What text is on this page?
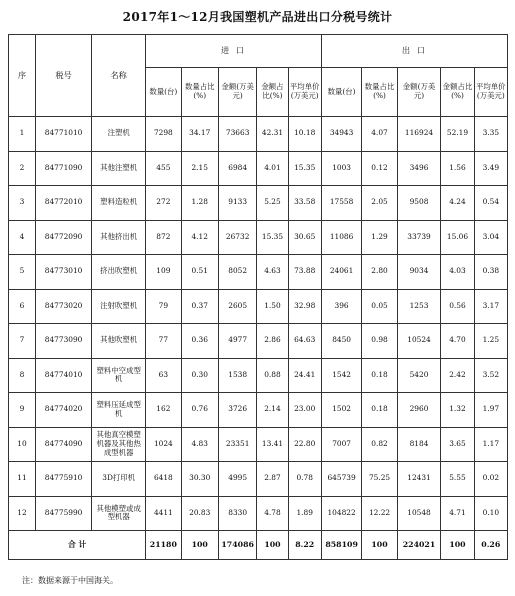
2017年1～12月我国塑机产品进出口分税号统计
序	税号	名称	进 口					出 口				
			数量(台)	数量占比(%)	金额(万美元)	金额占比(%)	平均单价(万美元)	数量(台)	数量占比(%)	金额(万美元)	金额占比(%)	平均单价(万美元)
1	84771010	注塑机	7298	34.17	73663	42.31	10.18	34943	4.07	116924	52.19	3.35
2	84771090	其他注塑机	455	2.15	6984	4.01	15.35	1003	0.12	3496	1.56	3.49
3	84772010	塑料造粒机	272	1.28	9133	5.25	33.58	17558	2.05	9508	4.24	0.54
4	84772090	其他挤出机	872	4.12	26732	15.35	30.65	11086	1.29	33739	15.06	3.04
5	84773010	挤出吹塑机	109	0.51	8052	4.63	73.88	24061	2.80	9034	4.03	0.38
6	84773020	注射吹塑机	79	0.37	2605	1.50	32.98	396	0.05	1253	0.56	3.17
7	84773090	其他吹塑机	77	0.36	4977	2.86	64.63	8450	0.98	10524	4.70	1.25
8	84774010	塑料中空成型机	63	0.30	1538	0.88	24.41	1542	0.18	5420	2.42	3.52
9	84774020	塑料压延成型机	162	0.76	3726	2.14	23.00	1502	0.18	2960	1.32	1.97
10	84774090	其他真空模塑机器及其他热成型机器	1024	4.83	23351	13.41	22.80	7007	0.82	8184	3.65	1.17
11	84775910	3D打印机	6418	30.30	4995	2.87	0.78	645739	75.25	12431	5.55	0.02
12	84775990	其他模塑或成型机器	4411	20.83	8330	4.78	1.89	104822	12.22	10548	4.71	0.10
合 计			21180	100	174086	100	8.22	858109	100	224021	100	0.26
注：数据来源于中国海关。
